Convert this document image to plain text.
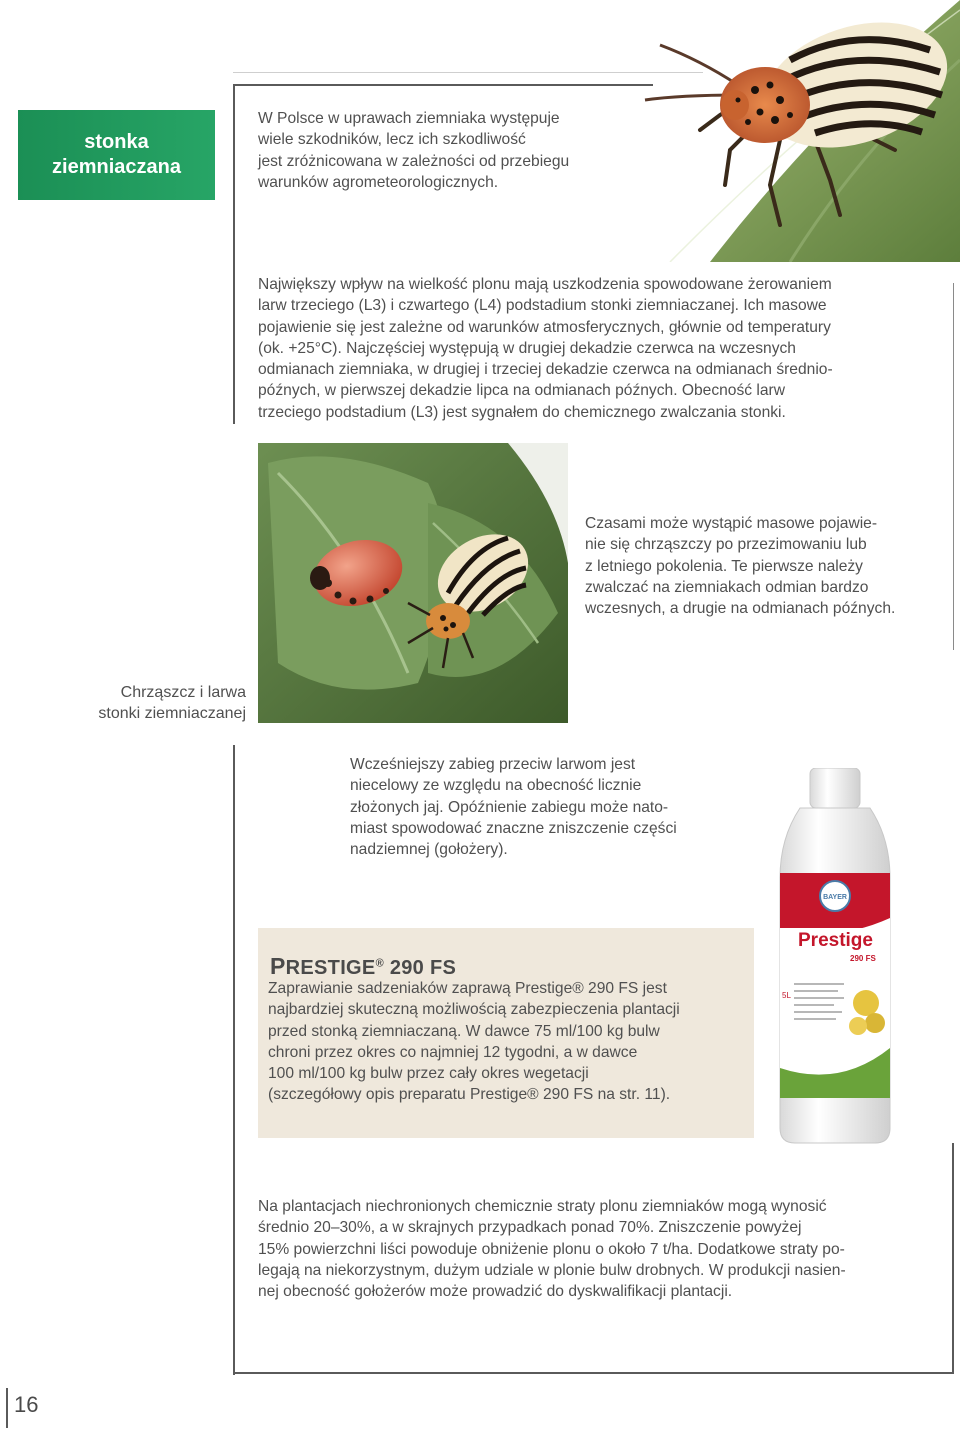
stonka
ziemniaczana

W Polsce w uprawach ziemniaka występuje

wiele szkodników, lecz ich szkodliwość

jest zróżnicowana w zależności od przebiegu

warunków agrometeorologicznych.

Największy wpływ na wielkość plonu mają uszkodzenia spowodowane żerowaniem

larw trzeciego (L3) i czwartego (L4) podstadium stonki ziemniaczanej. Ich masowe

pojawienie się jest zależne od warunków atmosferycznych, głównie od temperatury

(ok. +25°C). Najczęściej występują w drugiej dekadzie czerwca na wczesnych

odmianach ziemniaka, w drugiej i trzeciej dekadzie czerwca na odmianach średnio-

późnych, w pierwszej dekadzie lipca na odmianach późnych. Obecność larw

trzeciego podstadium (L3) jest sygnałem do chemicznego zwalczania stonki.

Czasami może wystąpić masowe pojawie-

nie się chrząszczy po przezimowaniu lub

z letniego pokolenia. Te pierwsze należy

zwalczać na ziemniakach odmian bardzo

wczesnych, a drugie na odmianach późnych.

Chrząszcz i larwa
stonki ziemniaczanej

Wcześniejszy zabieg przeciw larwom jest

niecelowy ze względu na obecność licznie

złożonych jaj. Opóźnienie zabiegu może nato-

miast spowodować znaczne zniszczenie części

nadziemnej (gołożery).

PRESTIGE® 290 FS

Zaprawianie sadzeniaków zaprawą Prestige® 290 FS jest

najbardziej skuteczną możliwością zabezpieczenia plantacji

przed stonką ziemniaczaną. W dawce 75 ml/100 kg bulw

chroni przez okres co najmniej 12 tygodni, a w dawce

100 ml/100 kg bulw przez cały okres wegetacji

(szczegółowy opis preparatu Prestige® 290 FS na str. 11).

BAYER
Prestige
290 FS
5L

Na plantacjach niechronionych chemicznie straty plonu ziemniaków mogą wynosić

średnio 20–30%, a w skrajnych przypadkach ponad 70%. Zniszczenie powyżej

15% powierzchni liści powoduje obniżenie plonu o około 7 t/ha. Dodatkowe straty po-

legają na niekorzystnym, dużym udziale w plonie bulw drobnych. W produkcji nasien-

nej obecność gołożerów może prowadzić do dyskwalifikacji plantacji.

16
